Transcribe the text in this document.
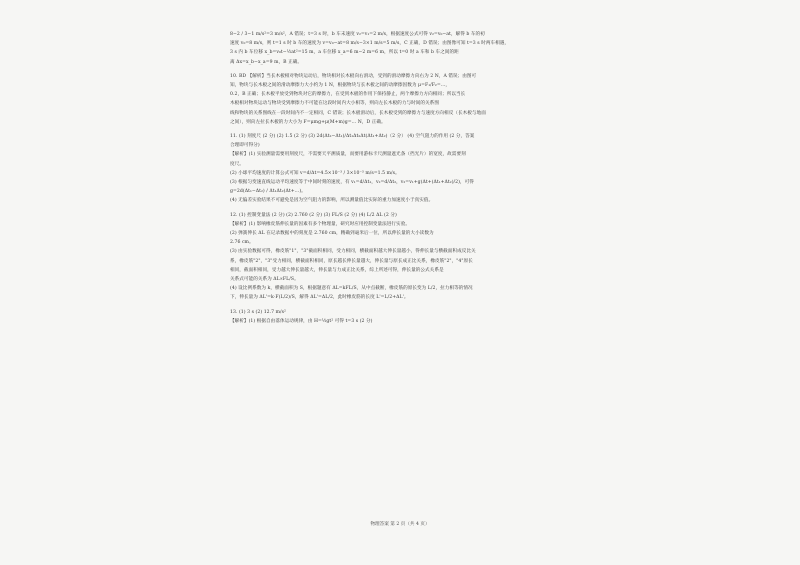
8−2 / 3−1 m/s²=3 m/s²，A 错误；t=3 s 时，b 车末速度 v₂=v₁=2 m/s，根据速度公式可得 v₂=v₀−at，解得 b 车的初
速度 v₀=8 m/s，则 t=1 s 时 b 车的速度为 v=v₀−at=8 m/s−3×1 m/s=5 m/s，C 正确，D 错误；由图像可知 t=3 s 时两车相遇，
3 s 内 b 车位移 x_b=v₀t−½at²=15 m，a 车位移 x_a=6 m−2 m=6 m，所以 t=0 时 a 车和 b 车之间的距
离 Δx=x_b−x_a=9 m，B 正确。
10. BD 【解析】当长木板相对物块运动后，物块相对长木板向右滑动，受到的滑动摩擦力向右为 2 N，A 错误；由图可
知，物块与长木板之间的滑动摩擦力大小约为 1 N，根据物块与长木板之间的动摩擦因数为 μ=F₁/F₂=…，
0.2，B 正确；长木板平放受到物块对它的摩擦力，在受到木板的作用下保持静止，两个摩擦力方向相同；所以当长
木板相对物块运动与物块受到摩擦力不可能在这段时间内大小相等，则向左长木板的力与时间的关系图
线和物块的关系图线在一段时间内不一定相同，C 错误；长木板滑动后，长木板受到的摩擦力与速度方向相反（长木板与地面
之间），则向左拉长木板的力大小为 F=μmg+μ(M+m)g=… N，D 正确。
11. (1) 刻度尺 (2 分) (2) 1.5 (2 分) (3) 2d(Δt₂−Δt₁)/Δt₁Δt₂Δt(Δt₁+Δt₂)（2 分） (4) 空气阻力的作用 (2 分，答案
合理即可得分)
【解析】(1) 实验测量需要用刻度尺，不需要天平测质量，而要用游标卡尺测量遮光条（挡光片）的宽度，故需要刻
度尺。
(2) 小球平均速度的计算公式可知 v=d/Δt=4.5×10⁻³ / 3×10⁻³ m/s=1.5 m/s。
(3) 根据匀变速直线运动平均速度等于中间时刻的速度，有 v₁=d/Δt₁，v₂=d/Δt₂，v₂=v₁+g(Δt+(Δt₁+Δt₂)/2)，可得
g=2d(Δt₁−Δt₂) / Δt₁Δt₂(Δt+…)。
(4) 无偏差实验结果不可避免是因为空气阻力的影响，所以测量值比实际的重力加速度小于真实值。
12. (1) 控制变量法 (2 分) (2) 2.760 (2 分) (3) FL/S (2 分) (4) L/2 ΔL (2 分)
【解析】(1) 影响橡皮筋伸长量的因素有多个物理量，研究时应用控制变量法进行实验。
(2) 弹簧伸长 ΔL 在记录数据中的刻度是 2.760 cm，精确到毫米后一位，所以伸长量的大小读数为
2.76 cm。
(3) 由实验数据可得，橡皮筋"1"，"3"截面积相同，受力相同，横截面积越大伸长量越小，得伸长量与横截面积成反比关
系，橡皮筋"2"，"3"受力相同，横截面积相同，原长越长伸长量越大，伸长量与原长成正比关系，橡皮筋"2"，"4"原长
相同，截面积相同，受力越大伸长量越大，伸长量与力成正比关系，综上所述可得，伸长量的公式关系是
关系式可能的关系为 ΔL∝FL/S。
(4) 设比例系数为 k，横截面积为 S，根据题意有 ΔL=kFL/S，从中点截断，橡皮筋的原长变为 L/2，拉力相等的情况
下，伸长量为 ΔL'=k·F(L/2)/S，解得 ΔL'=ΔL/2，此时橡皮筋的长度 L'=L/2+ΔL'。
13. (1) 3 s (2) 12.7 m/s²
【解析】(1) 根据自由落体运动规律，由 H=½gt² 可得 t=3 s (2 分)
物理答案 第 2 页（共 4 页）
